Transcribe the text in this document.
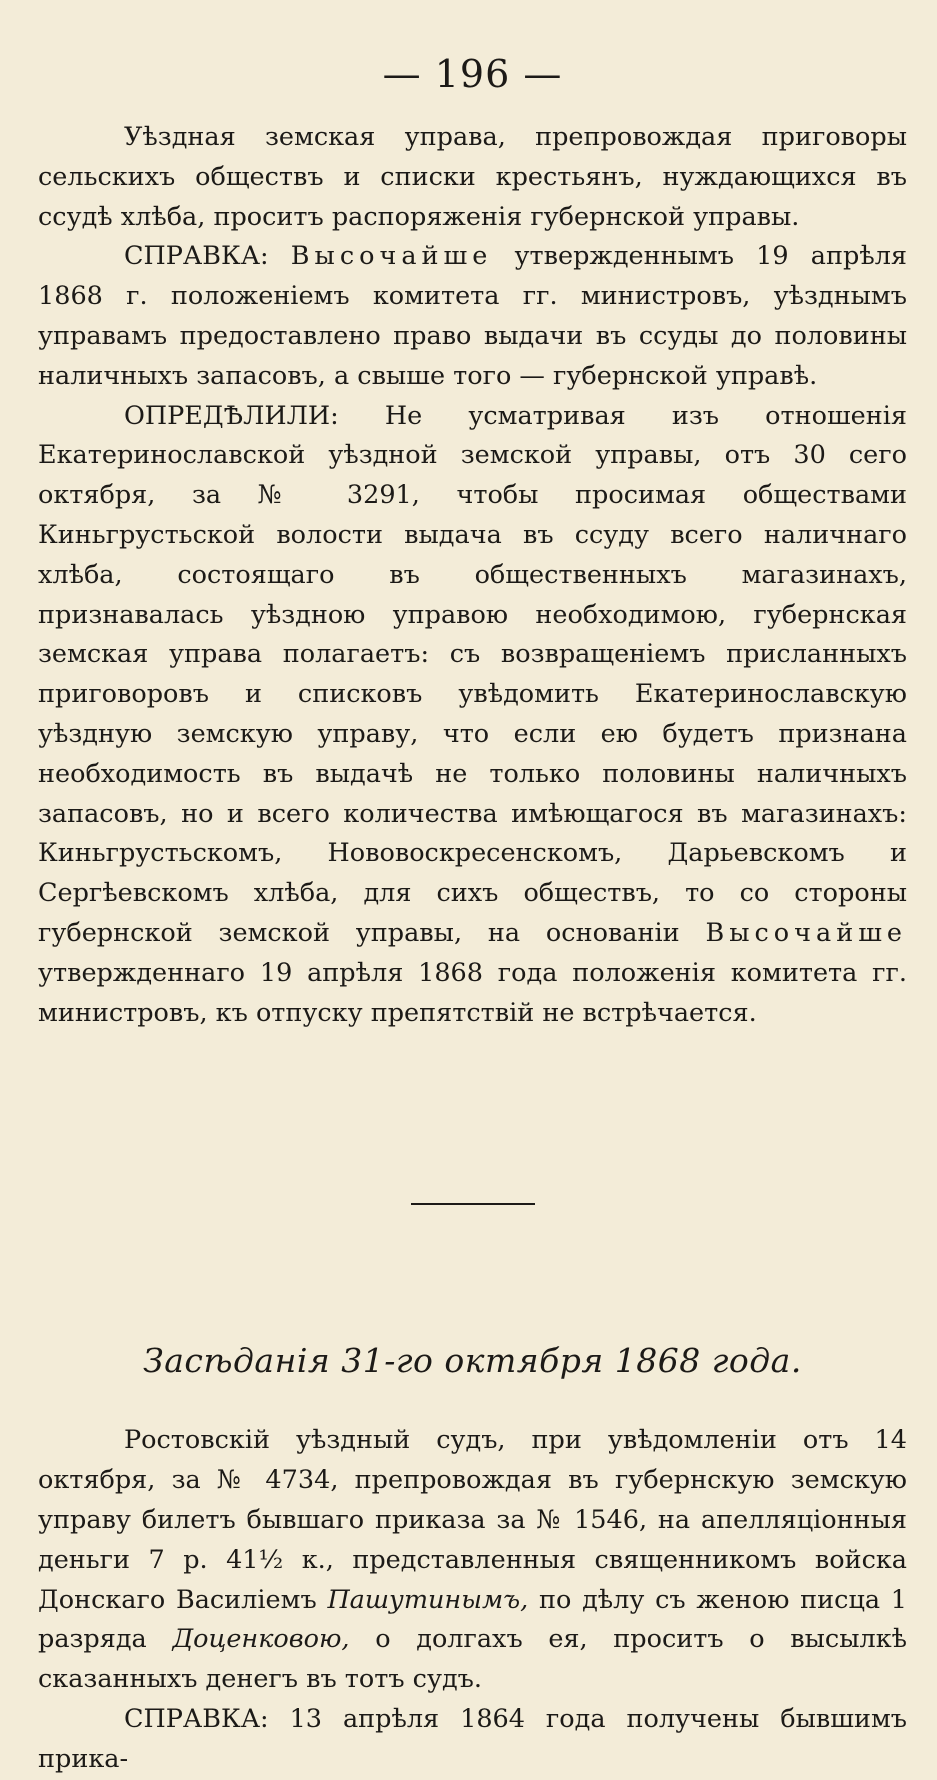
— 196 —

Уѣздная земская управа, препровождая приговоры сельскихъ обществъ и списки крестьянъ, нуждающихся въ ссудѣ хлѣба, проситъ распоряженія губернской управы.

СПРАВКА: Высочайше утвержденнымъ 19 апрѣля 1868 г. положеніемъ комитета гг. министровъ, уѣзднымъ управамъ предоставлено право выдачи въ ссуды до половины наличныхъ запасовъ, а свыше того — губернской управѣ.

ОПРЕДѢЛИЛИ: Не усматривая изъ отношенія Екатеринославской уѣздной земской управы, отъ 30 сего октября, за № 3291, чтобы просимая обществами Киньгрустьской волости выдача въ ссуду всего наличнаго хлѣба, состоящаго въ общественныхъ магазинахъ, признавалась уѣздною управою необходимою, губернская земская управа полагаетъ: съ возвращеніемъ присланныхъ приговоровъ и списковъ увѣдомить Екатеринославскую уѣздную земскую управу, что если ею будетъ признана необходимость въ выдачѣ не только половины наличныхъ запасовъ, но и всего количества имѣющагося въ магазинахъ: Киньгрустьскомъ, Нововоскресенскомъ, Дарьевскомъ и Сергѣевскомъ хлѣба, для сихъ обществъ, то со стороны губернской земской управы, на основаніи Высочайше утвержденнаго 19 апрѣля 1868 года положенія комитета гг. министровъ, къ отпуску препятствій не встрѣчается.

Засѣданія 31-го октября 1868 года.

Ростовскій уѣздный судъ, при увѣдомленіи отъ 14 октября, за № 4734, препровождая въ губернскую земскую управу билетъ бывшаго приказа за № 1546, на апелляціонныя деньги 7 р. 41½ к., представленныя священникомъ войска Донскаго Василіемъ Пашутинымъ, по дѣлу съ женою писца 1 разряда Доценковою, о долгахъ ея, проситъ о высылкѣ сказанныхъ денегъ въ тотъ судъ.

СПРАВКА: 13 апрѣля 1864 года получены бывшимъ прика-
